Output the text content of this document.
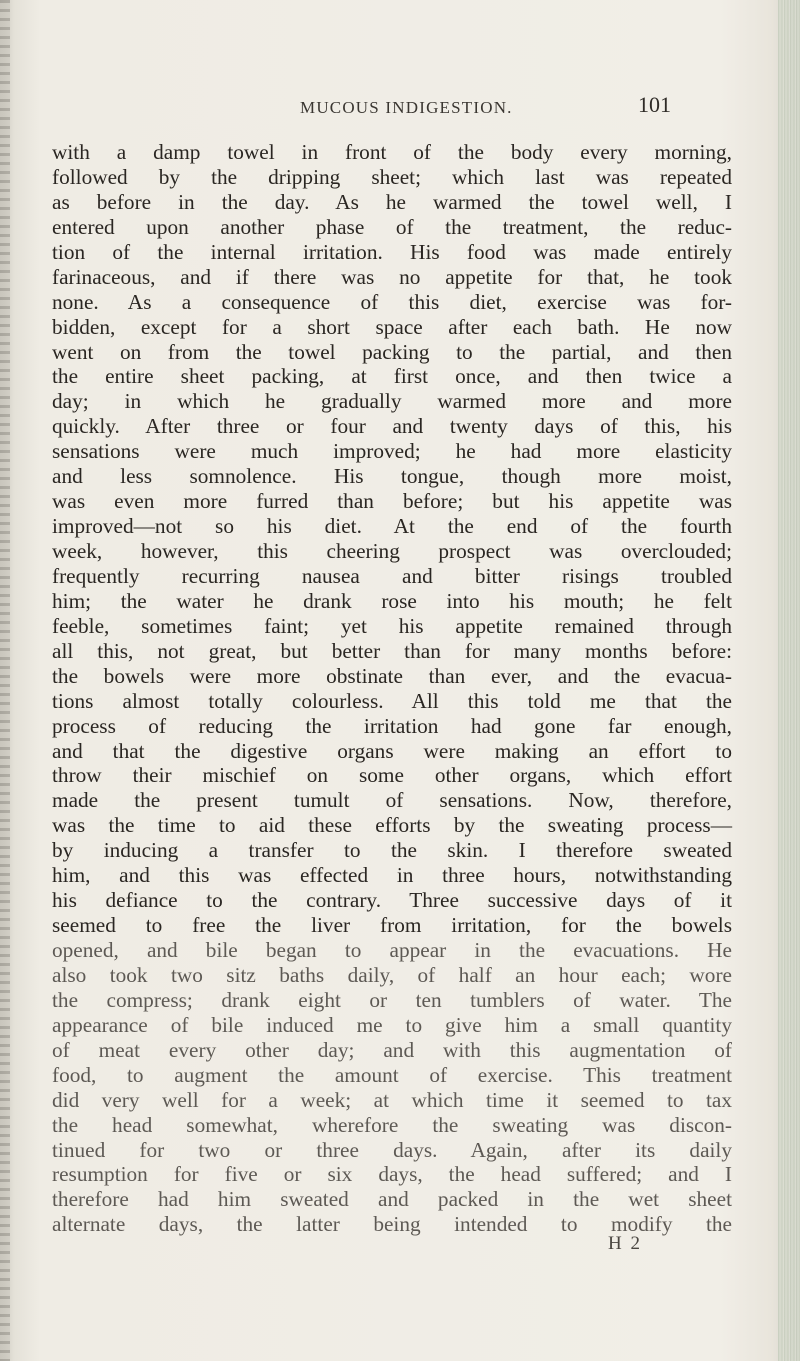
MUCOUS INDIGESTION.	101
with a damp towel in front of the body every morning,
followed by the dripping sheet; which last was repeated
as before in the day. As he warmed the towel well, I
entered upon another phase of the treatment, the reduc-
tion of the internal irritation. His food was made entirely
farinaceous, and if there was no appetite for that, he took
none. As a consequence of this diet, exercise was for-
bidden, except for a short space after each bath. He now
went on from the towel packing to the partial, and then
the entire sheet packing, at first once, and then twice a
day; in which he gradually warmed more and more
quickly. After three or four and twenty days of this, his
sensations were much improved; he had more elasticity
and less somnolence. His tongue, though more moist,
was even more furred than before; but his appetite was
improved—not so his diet. At the end of the fourth
week, however, this cheering prospect was overclouded;
frequently recurring nausea and bitter risings troubled
him; the water he drank rose into his mouth; he felt
feeble, sometimes faint; yet his appetite remained through
all this, not great, but better than for many months before:
the bowels were more obstinate than ever, and the evacua-
tions almost totally colourless. All this told me that the
process of reducing the irritation had gone far enough,
and that the digestive organs were making an effort to
throw their mischief on some other organs, which effort
made the present tumult of sensations. Now, therefore,
was the time to aid these efforts by the sweating process—
by inducing a transfer to the skin. I therefore sweated
him, and this was effected in three hours, notwithstanding
his defiance to the contrary. Three successive days of it
seemed to free the liver from irritation, for the bowels
opened, and bile began to appear in the evacuations. He
also took two sitz baths daily, of half an hour each; wore
the compress; drank eight or ten tumblers of water. The
appearance of bile induced me to give him a small quantity
of meat every other day; and with this augmentation of
food, to augment the amount of exercise. This treatment
did very well for a week; at which time it seemed to tax
the head somewhat, wherefore the sweating was discon-
tinued for two or three days. Again, after its daily
resumption for five or six days, the head suffered; and I
therefore had him sweated and packed in the wet sheet
alternate days, the latter being intended to modify the
H 2
